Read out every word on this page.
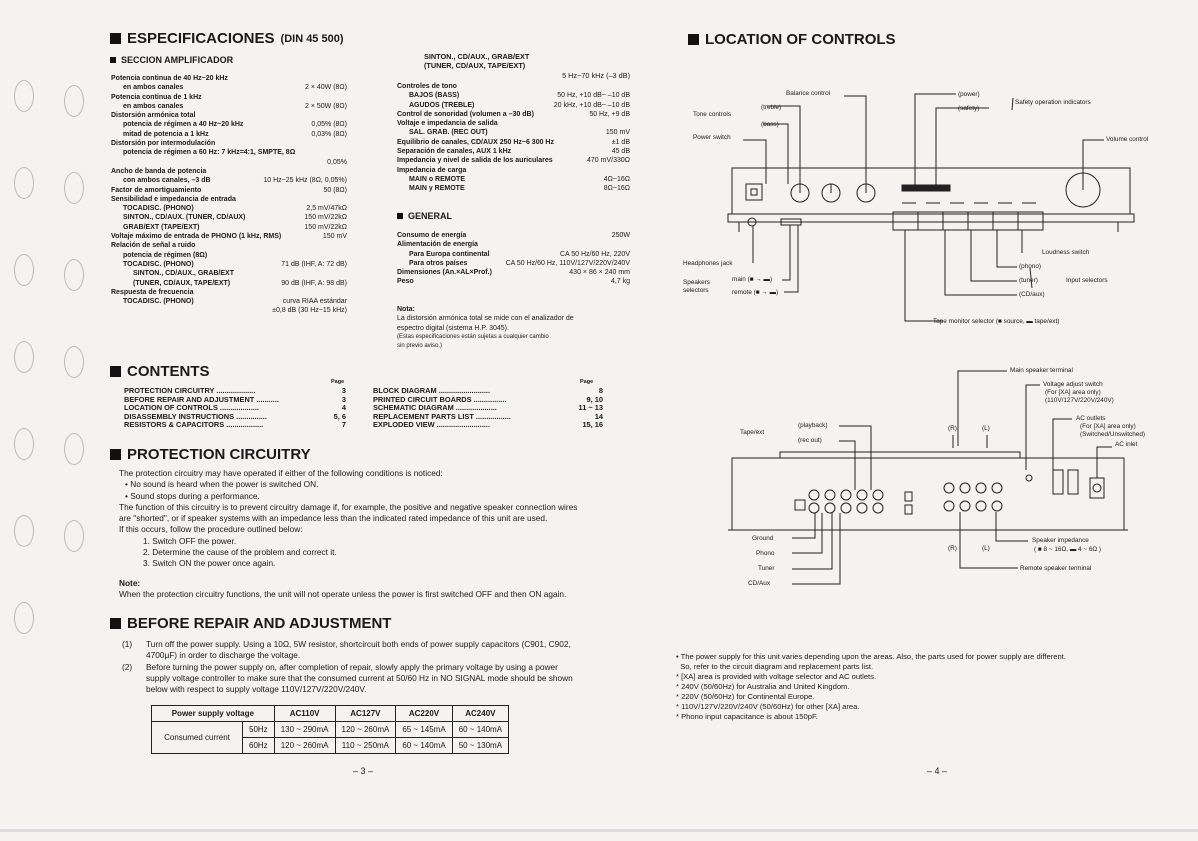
ESPECIFICACIONES (DIN 45 500)
SECCION AMPLIFICADOR
Potencia continua de 40 Hz~20 kHz
en ambos canales	2 × 40W (8Ω)
Potencia continua de 1 kHz
en ambos canales	2 × 50W (8Ω)
Distorsión armónica total
potencia de régimen a 40 Hz~20 kHz	0,05% (8Ω)
mitad de potencia a 1 kHz	0,03% (8Ω)
Distorsión por intermodulación
potencia de régimen a 60 Hz: 7 kHz=4:1, SMPTE, 8Ω
0,05%
Ancho de banda de potencia
con ambos canales, –3 dB	10 Hz~25 kHz (8Ω, 0,05%)
Factor de amortiguamiento	50 (8Ω)
Sensibilidad e impedancia de entrada
TOCADISC. (PHONO)	2,5 mV/47kΩ
SINTON., CD/AUX. (TUNER, CD/AUX)	150 mV/22kΩ
GRAB/EXT (TAPE/EXT)	150 mV/22kΩ
Voltaje máximo de entrada de PHONO (1 kHz, RMS)	150 mV
Relación de señal a ruido
potencia de régimen (8Ω)
TOCADISC. (PHONO)	71 dB (IHF, A: 72 dB)
SINTON., CD/AUX., GRAB/EXT
(TUNER, CD/AUX, TAPE/EXT)	90 dB (IHF, A: 98 dB)
Respuesta de frecuencia
TOCADISC. (PHONO)	curva RIAA estándar
±0,8 dB (30 Hz~15 kHz)
SINTON., CD/AUX., GRAB/EXT
(TUNER, CD/AUX, TAPE/EXT)
5 Hz~70 kHz (–3 dB)
Controles de tono
BAJOS (BASS)	50 Hz, +10 dB~ –10 dB
AGUDOS (TREBLE)	20 kHz, +10 dB~ –10 dB
Control de sonoridad (volumen a –30 dB)	50 Hz, +9 dB
Voltaje e impedancia de salida
SAL. GRAB. (REC OUT)	150 mV
Equilibrio de canales, CD/AUX 250 Hz~6 300 Hz	±1 dB
Separación de canales, AUX 1 kHz	45 dB
Impedancia y nivel de salida de los auriculares	470 mV/330Ω
Impedancia de carga
MAIN o REMOTE	4Ω~16Ω
MAIN y REMOTE	8Ω~16Ω
GENERAL
Consumo de energía	250W
Alimentación de energía
Para Europa continental	CA 50 Hz/60 Hz, 220V
Para otros países	CA 50 Hz/60 Hz, 110V/127V/220V/240V
Dimensiones (An.×AL×Prof.)	430 × 86 × 240 mm
Peso	4,7 kg
Nota:
La distorsión armónica total se mide con el analizador de
espectro digital (sistema H.P. 3045).
(Estas especificaciones están sujetas a cualquier cambio
sin previo aviso.)
CONTENTS
Page	Page
PROTECTION CIRCUITRY ...................	3
BEFORE REPAIR AND ADJUSTMENT ...........	3
LOCATION OF CONTROLS ...................	4
DISASSEMBLY INSTRUCTIONS ...............	5, 6
RESISTORS & CAPACITORS ..................	7
BLOCK DIAGRAM .........................	8
PRINTED CIRCUIT BOARDS ................	9, 10
SCHEMATIC DIAGRAM ....................	11 ~ 13
REPLACEMENT PARTS LIST .................	14
EXPLODED VIEW ..........................	15, 16
PROTECTION CIRCUITRY
The protection circuitry may have operated if either of the following conditions is noticed:
• No sound is heard when the power is switched ON.
• Sound stops during a performance.
The function of this circuitry is to prevent circuitry damage if, for example, the positive and negative speaker connection wires
are "shorted", or if speaker systems with an impedance less than the indicated rated impedance of this unit are used.
If this occurs, follow the procedure outlined below:
1. Switch OFF the power.
2. Determine the cause of the problem and correct it.
3. Switch ON the power once again.
Note:
When the protection circuitry functions, the unit will not operate unless the power is first switched OFF and then ON again.
BEFORE REPAIR AND ADJUSTMENT
(1)	Turn off the power supply. Using a 10Ω, 5W resistor, shortcircuit both ends of power supply capacitors (C901, C902,
4700μF) in order to discharge the voltage.
(2)	Before turning the power supply on, after completion of repair, slowly apply the primary voltage by using a power
supply voltage controller to make sure that the consumed current at 50/60 Hz in NO SIGNAL mode should be shown
below with respect to supply voltage 110V/127V/220V/240V.
Power supply voltage		AC110V	AC127V	AC220V	AC240V
Consumed current	50Hz	130 ~ 290mA	120 ~ 260mA	65 ~ 145mA	60 ~ 140mA
	60Hz	120 ~ 260mA	110 ~ 250mA	60 ~ 140mA	50 ~ 130mA
– 3 –
LOCATION OF CONTROLS
Balance control
(treble)
(bass)
Tone controls
Power switch
(power)
(safety)
Safety operation indicators
Volume control
Headphones jack
Speakers
selectors
main (■ → ▬)
remote (■ → ▬)
Loudness switch
(phono)
(tuner)
(CD/aux)
Input selectors
Tape monitor selector (■ source, ▬ tape/ext)
Main speaker terminal
Voltage adjust switch
(For [XA] area only)
(110V/127V/220V/240V)
AC outlets
(For [XA] area only)
(Switched/Unswitched)
AC inlet
(playback)
Tape/ext
(rec out)
(R)	(L)
Ground
Phono
Tuner
CD/Aux
(R)	(L)
Speaker impedance
( ■ 8 ~ 16Ω, ▬ 4 ~ 6Ω )
Remote speaker terminal
• The power supply for this unit varies depending upon the areas. Also, the parts used for power supply are different.
So, refer to the circuit diagram and replacement parts list.
* [XA] area is provided with voltage selector and AC outlets.
* 240V (50/60Hz) for Australia and United Kingdom.
* 220V (50/60Hz) for Continental Europe.
* 110V/127V/220V/240V (50/60Hz) for other [XA] area.
* Phono input capacitance is about 150pF.
– 4 –
